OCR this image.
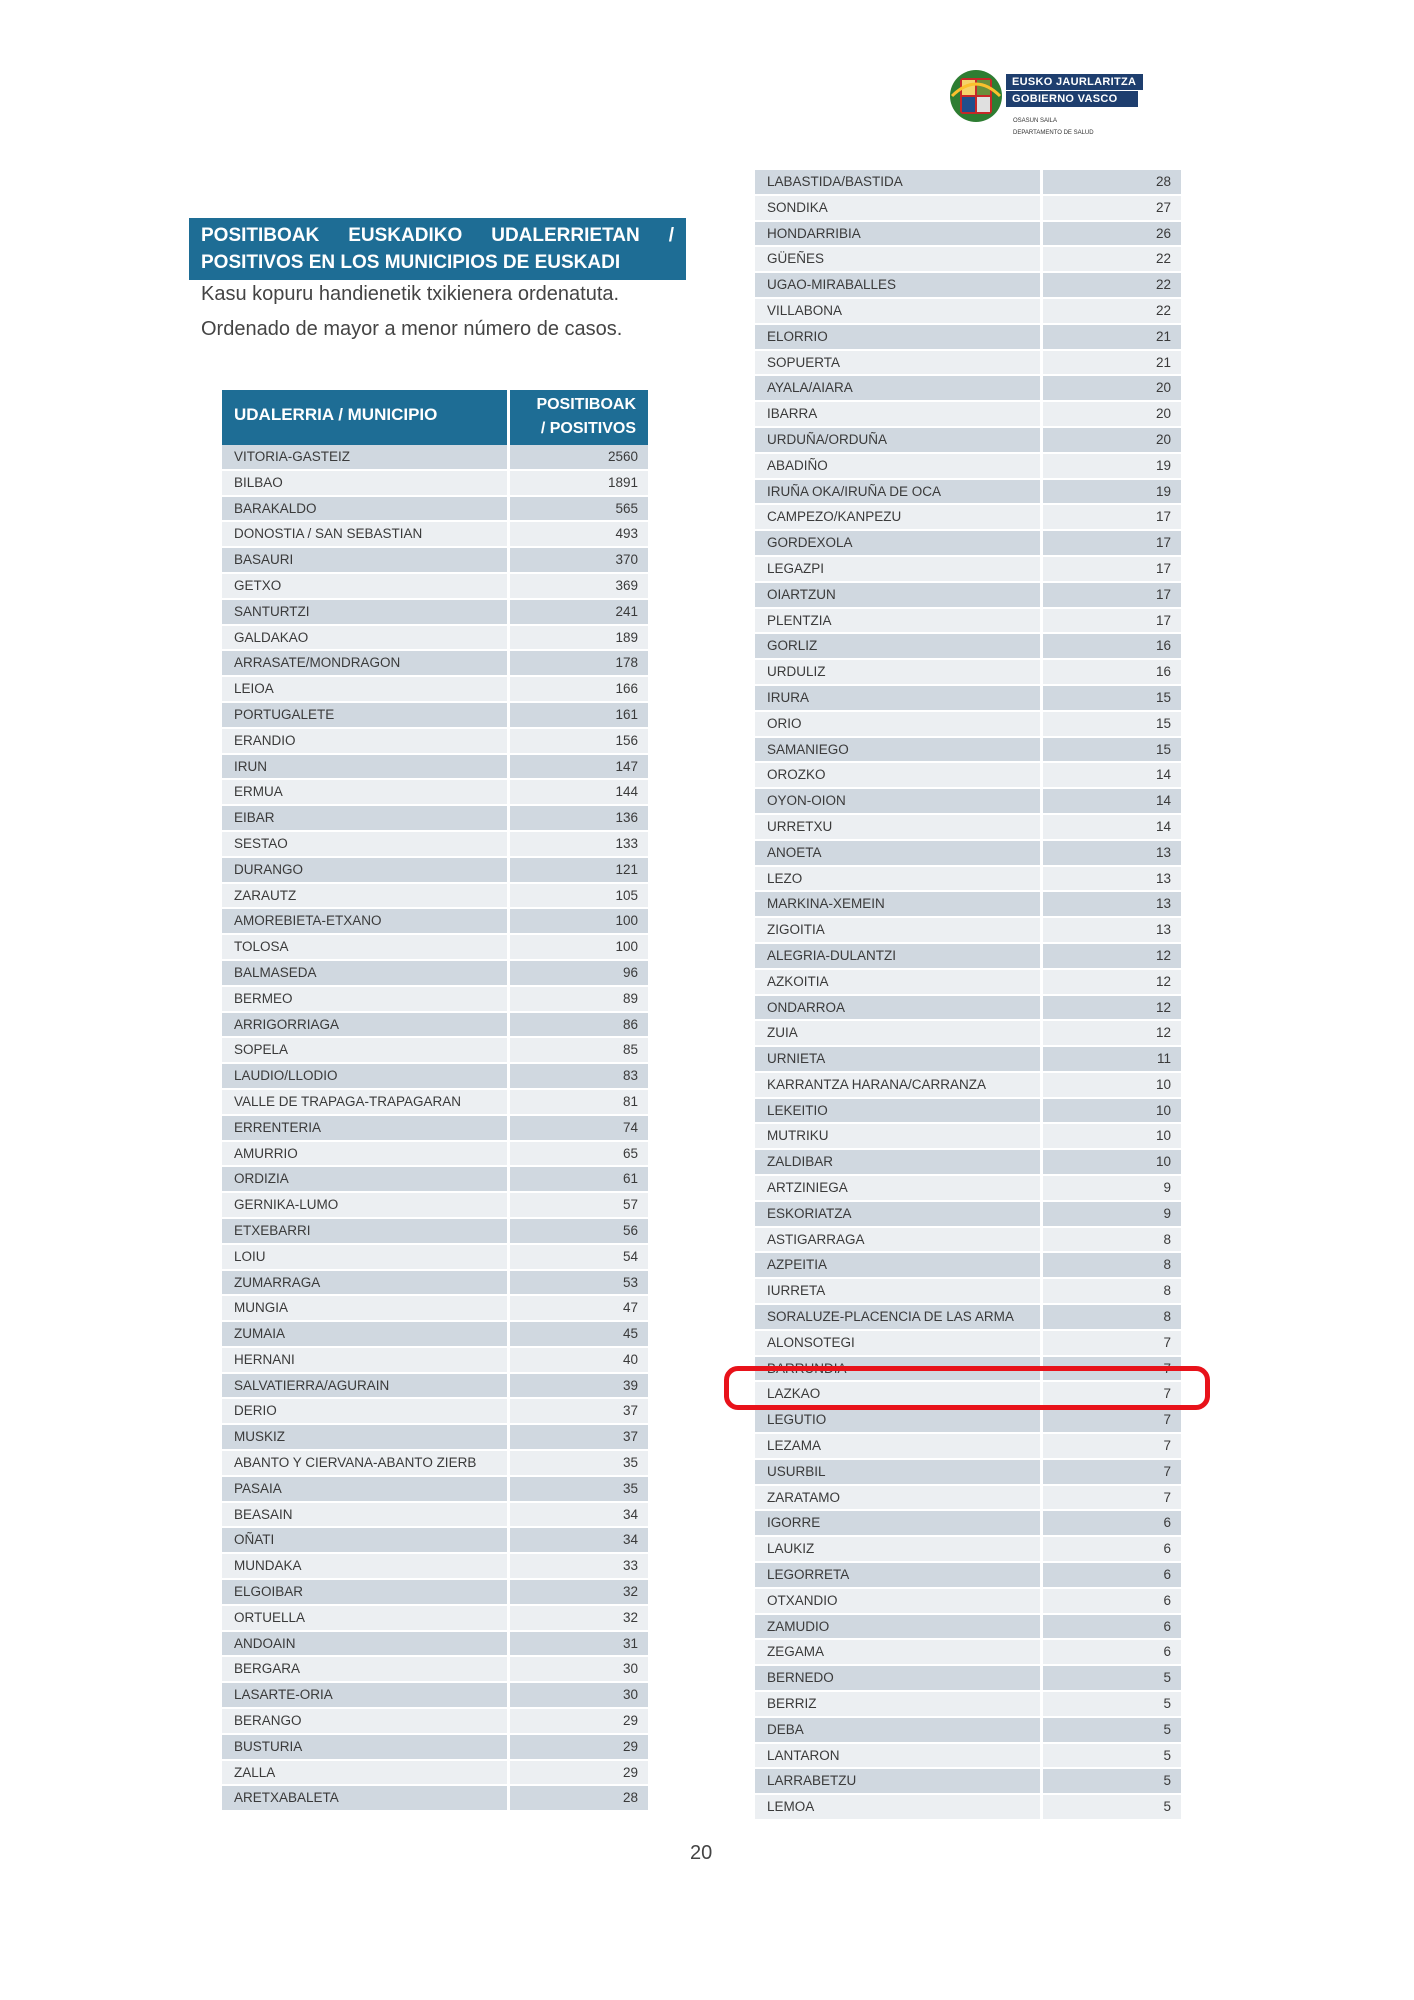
EUSKO JAURLARITZA
GOBIERNO VASCO
OSASUN SAILA
DEPARTAMENTO DE SALUD
POSITIBOAK EUSKADIKO UDALERRIETAN /
POSITIVOS EN LOS MUNICIPIOS DE EUSKADI
Kasu kopuru handienetik txikienera ordenatuta.
Ordenado de mayor a menor número de casos.
UDALERRIA / MUNICIPIO
POSITIBOAK
/ POSITIVOS
VITORIA-GASTEIZ	2560
BILBAO	1891
BARAKALDO	565
DONOSTIA / SAN SEBASTIAN	493
BASAURI	370
GETXO	369
SANTURTZI	241
GALDAKAO	189
ARRASATE/MONDRAGON	178
LEIOA	166
PORTUGALETE	161
ERANDIO	156
IRUN	147
ERMUA	144
EIBAR	136
SESTAO	133
DURANGO	121
ZARAUTZ	105
AMOREBIETA-ETXANO	100
TOLOSA	100
BALMASEDA	96
BERMEO	89
ARRIGORRIAGA	86
SOPELA	85
LAUDIO/LLODIO	83
VALLE DE TRAPAGA-TRAPAGARAN	81
ERRENTERIA	74
AMURRIO	65
ORDIZIA	61
GERNIKA-LUMO	57
ETXEBARRI	56
LOIU	54
ZUMARRAGA	53
MUNGIA	47
ZUMAIA	45
HERNANI	40
SALVATIERRA/AGURAIN	39
DERIO	37
MUSKIZ	37
ABANTO Y CIERVANA-ABANTO ZIERB	35
PASAIA	35
BEASAIN	34
OÑATI	34
MUNDAKA	33
ELGOIBAR	32
ORTUELLA	32
ANDOAIN	31
BERGARA	30
LASARTE-ORIA	30
BERANGO	29
BUSTURIA	29
ZALLA	29
ARETXABALETA	28
LABASTIDA/BASTIDA	28
SONDIKA	27
HONDARRIBIA	26
GÜEÑES	22
UGAO-MIRABALLES	22
VILLABONA	22
ELORRIO	21
SOPUERTA	21
AYALA/AIARA	20
IBARRA	20
URDUÑA/ORDUÑA	20
ABADIÑO	19
IRUÑA OKA/IRUÑA DE OCA	19
CAMPEZO/KANPEZU	17
GORDEXOLA	17
LEGAZPI	17
OIARTZUN	17
PLENTZIA	17
GORLIZ	16
URDULIZ	16
IRURA	15
ORIO	15
SAMANIEGO	15
OROZKO	14
OYON-OION	14
URRETXU	14
ANOETA	13
LEZO	13
MARKINA-XEMEIN	13
ZIGOITIA	13
ALEGRIA-DULANTZI	12
AZKOITIA	12
ONDARROA	12
ZUIA	12
URNIETA	11
KARRANTZA HARANA/CARRANZA	10
LEKEITIO	10
MUTRIKU	10
ZALDIBAR	10
ARTZINIEGA	9
ESKORIATZA	9
ASTIGARRAGA	8
AZPEITIA	8
IURRETA	8
SORALUZE-PLACENCIA DE LAS ARMA	8
ALONSOTEGI	7
BARRUNDIA	7
LAZKAO	7
LEGUTIO	7
LEZAMA	7
USURBIL	7
ZARATAMO	7
IGORRE	6
LAUKIZ	6
LEGORRETA	6
OTXANDIO	6
ZAMUDIO	6
ZEGAMA	6
BERNEDO	5
BERRIZ	5
DEBA	5
LANTARON	5
LARRABETZU	5
LEMOA	5
20
